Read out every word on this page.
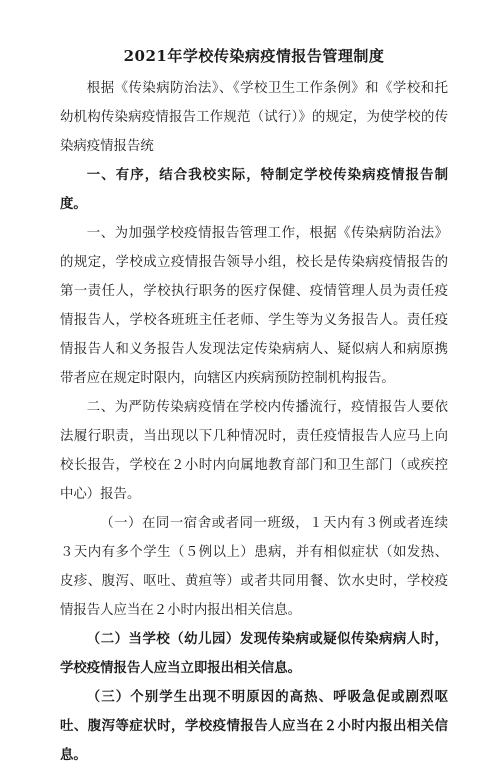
2021年学校传染病疫情报告管理制度

根据《传染病防治法》、《学校卫生工作条例》和《学校和托幼机构传染病疫情报告工作规范（试行）》的规定，为使学校的传染病疫情报告统

一、有序，结合我校实际，特制定学校传染病疫情报告制度。

一、为加强学校疫情报告管理工作，根据《传染病防治法》的规定，学校成立疫情报告领导小组，校长是传染病疫情报告的第一责任人，学校执行职务的医疗保健、疫情管理人员为责任疫情报告人，学校各班班主任老师、学生等为义务报告人。责任疫情报告人和义务报告人发现法定传染病病人、疑似病人和病原携带者应在规定时限内，向辖区内疾病预防控制机构报告。

二、为严防传染病疫情在学校内传播流行，疫情报告人要依法履行职责，当出现以下几种情况时，责任疫情报告人应马上向校长报告，学校在２小时内向属地教育部门和卫生部门（或疾控中心）报告。

（一）在同一宿舍或者同一班级，１天内有３例或者连续３天内有多个学生（５例以上）患病，并有相似症状（如发热、皮疹、腹泻、呕吐、黄疸等）或者共同用餐、饮水史时，学校疫情报告人应当在２小时内报出相关信息。

（二）当学校（幼儿园）发现传染病或疑似传染病病人时，学校疫情报告人应当立即报出相关信息。

（三）个别学生出现不明原因的高热、呼吸急促或剧烈呕吐、腹泻等症状时，学校疫情报告人应当在２小时内报出相关信息。
